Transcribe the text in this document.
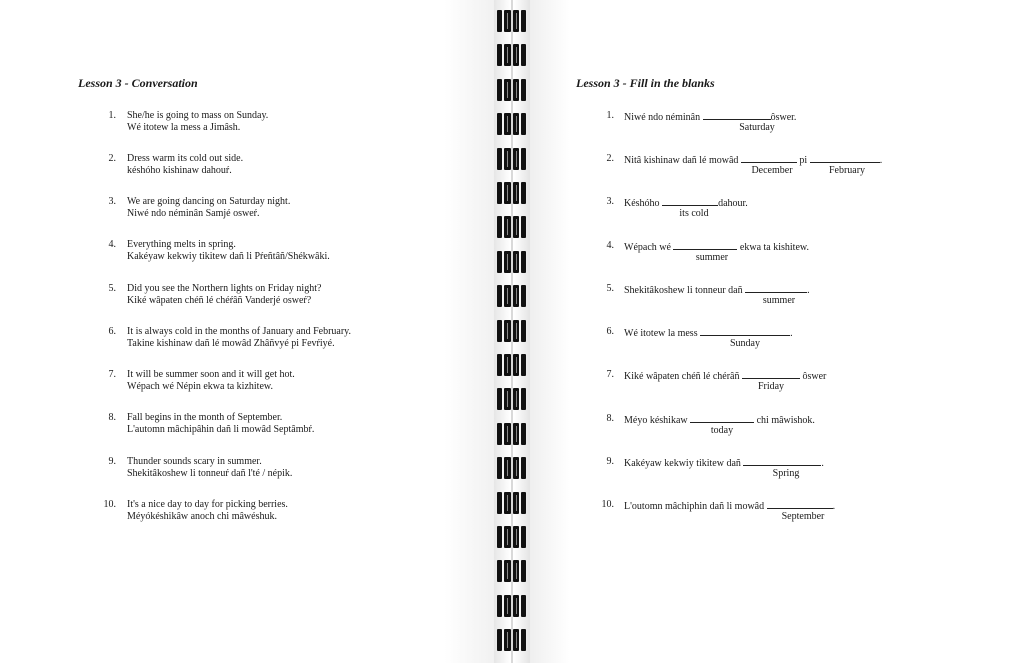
Lesson 3 - Conversation
1. She/he is going to mass on Sunday.
Wé itotew la mess a Jimâsh.
2. Dress warm its cold out side.
késhóho kishinaw dahouŕ.
3. We are going dancing on Saturday night.
Niwé ndo néminân Samjé osweŕ.
4. Everything melts in spring.
Kakéyaw kekwiy tikitew dañ li Pŕeñtâñ/Shékwâki.
5. Did you see the Northern lights on Friday night?
Kiké wâpaten chéñ lé chéŕâñ Vanderjé osweŕ?
6. It is always cold in the months of January and February.
Takine kishinaw dañ lé mowâd Zhâñvyé pi Fevŕiyé.
7. It will be summer soon and it will get hot.
Wépach wé Népin ekwa ta kizhitew.
8. Fall begins in the month of September.
L'automn mâchipâhin dañ li mowâd Septâmbŕ.
9. Thunder sounds scary in summer.
Shekitâkoshew li tonneuŕ dañ l'té / népik.
10. It's a nice day to day for picking berries.
Méyókéshikâw anoch chi mâwéshuk.
Lesson 3 - Fill in the blanks
1. Niwé ndo néminân	ôswer.
Saturday
2. Nitâ kishinaw dañ lé mowâd	pi	.
December	February
3. Késhóho	dahour.
its cold
4. Wépach wé	ekwa ta kishitew.
summer
5. Shekitâkoshew li tonneur dañ	.
summer
6. Wé itotew la mess	.
Sunday
7. Kiké wâpaten chéñ lé chérâñ	ôswer
Friday
8. Méyo késhikaw	chi mâwishok.
today
9. Kakéyaw kekwiy tikitew dañ	.
Spring
10. L'outomn mâchiphin dañ li mowâd	.
September
